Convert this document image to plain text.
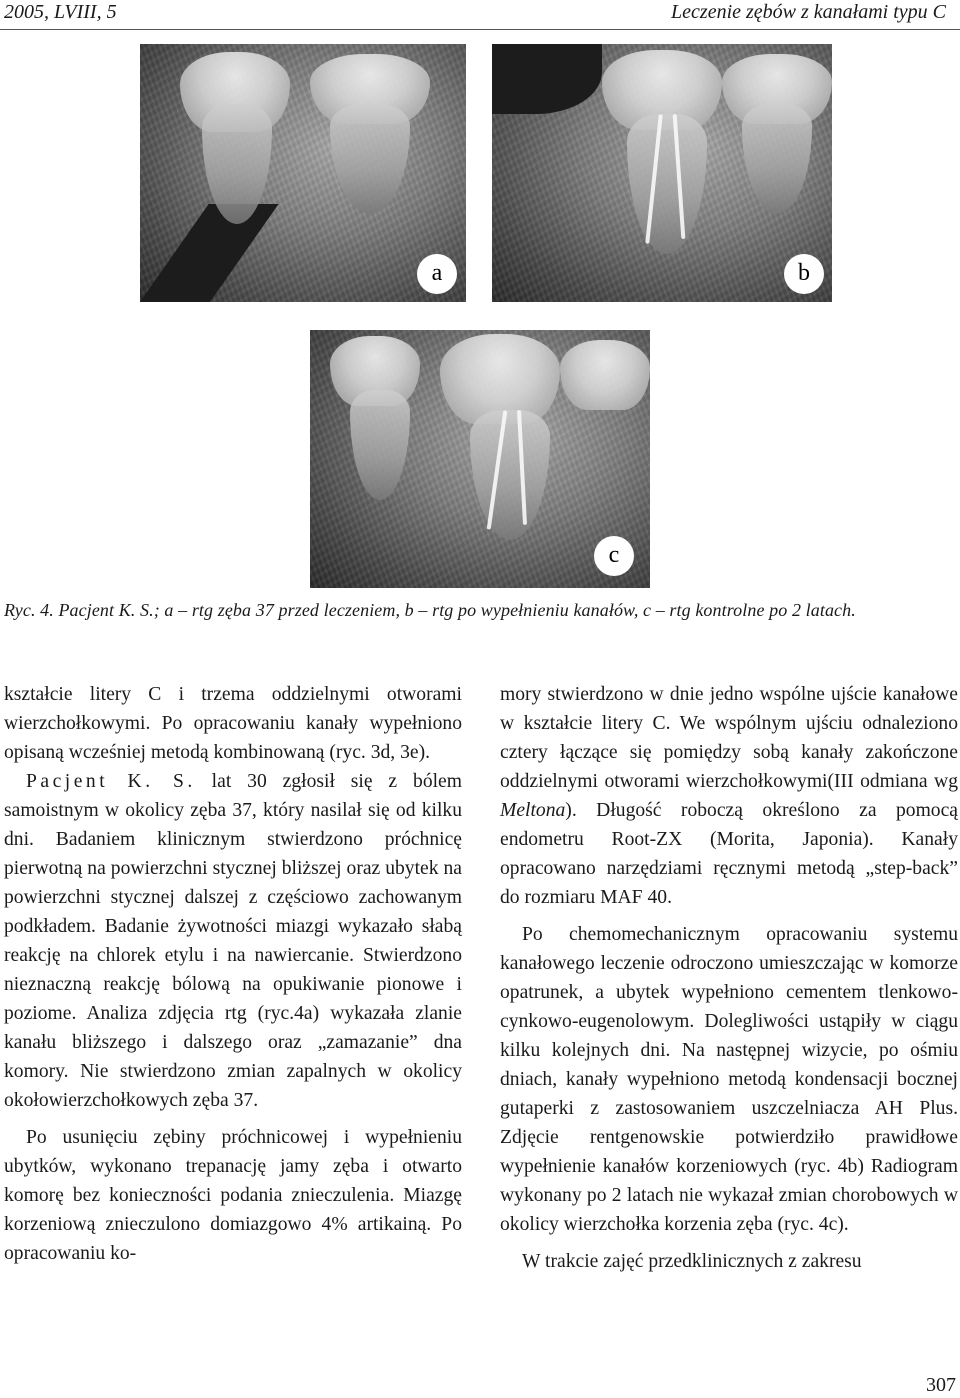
2005, LVIII, 5	Leczenie zębów z kanałami typu C
a	b
c
Ryc. 4. Pacjent K. S.; a – rtg zęba 37 przed leczeniem, b – rtg po wypełnieniu kanałów, c – rtg kontrolne po 2 latach.

kształcie litery C i trzema oddzielnymi otworami wierzchołkowymi. Po opracowaniu kanały wypełniono opisaną wcześniej metodą kombinowaną (ryc. 3d, 3e).

Pacjent K. S. lat 30 zgłosił się z bólem samoistnym w okolicy zęba 37, który nasilał się od kilku dni. Badaniem klinicznym stwierdzono próchnicę pierwotną na powierzchni stycznej bliższej oraz ubytek na powierzchni stycznej dalszej z częściowo zachowanym podkładem. Badanie żywotności miazgi wykazało słabą reakcję na chlorek etylu i na nawiercanie. Stwierdzono nieznaczną reakcję bólową na opukiwanie pionowe i poziome. Analiza zdjęcia rtg (ryc.4a) wykazała zlanie kanału bliższego i dalszego oraz „zamazanie” dna komory. Nie stwierdzono zmian zapalnych w okolicy okołowierzchołkowych zęba 37.

Po usunięciu zębiny próchnicowej i wypełnieniu ubytków, wykonano trepanację jamy zęba i otwarto komorę bez konieczności podania znieczulenia. Miazgę korzeniową znieczulono domiazgowo 4% artikainą. Po opracowaniu ko-

mory stwierdzono w dnie jedno wspólne ujście kanałowe w kształcie litery C. We wspólnym ujściu odnaleziono cztery łączące się pomiędzy sobą kanały zakończone oddzielnymi otworami wierzchołkowymi(III odmiana wg Meltona). Długość roboczą określono za pomocą endometru Root-ZX (Morita, Japonia). Kanały opracowano narzędziami ręcznymi metodą „step-back” do rozmiaru MAF 40.

Po chemomechanicznym opracowaniu systemu kanałowego leczenie odroczono umieszczając w komorze opatrunek, a ubytek wypełniono cementem tlenkowo-cynkowo-eugenolowym. Dolegliwości ustąpiły w ciągu kilku kolejnych dni. Na następnej wizycie, po ośmiu dniach, kanały wypełniono metodą kondensacji bocznej gutaperki z zastosowaniem uszczelniacza AH Plus. Zdjęcie rentgenowskie potwierdziło prawidłowe wypełnienie kanałów korzeniowych (ryc. 4b) Radiogram wykonany po 2 latach nie wykazał zmian chorobowych w okolicy wierzchołka korzenia zęba (ryc. 4c).

W trakcie zajęć przedklinicznych z zakresu

307
